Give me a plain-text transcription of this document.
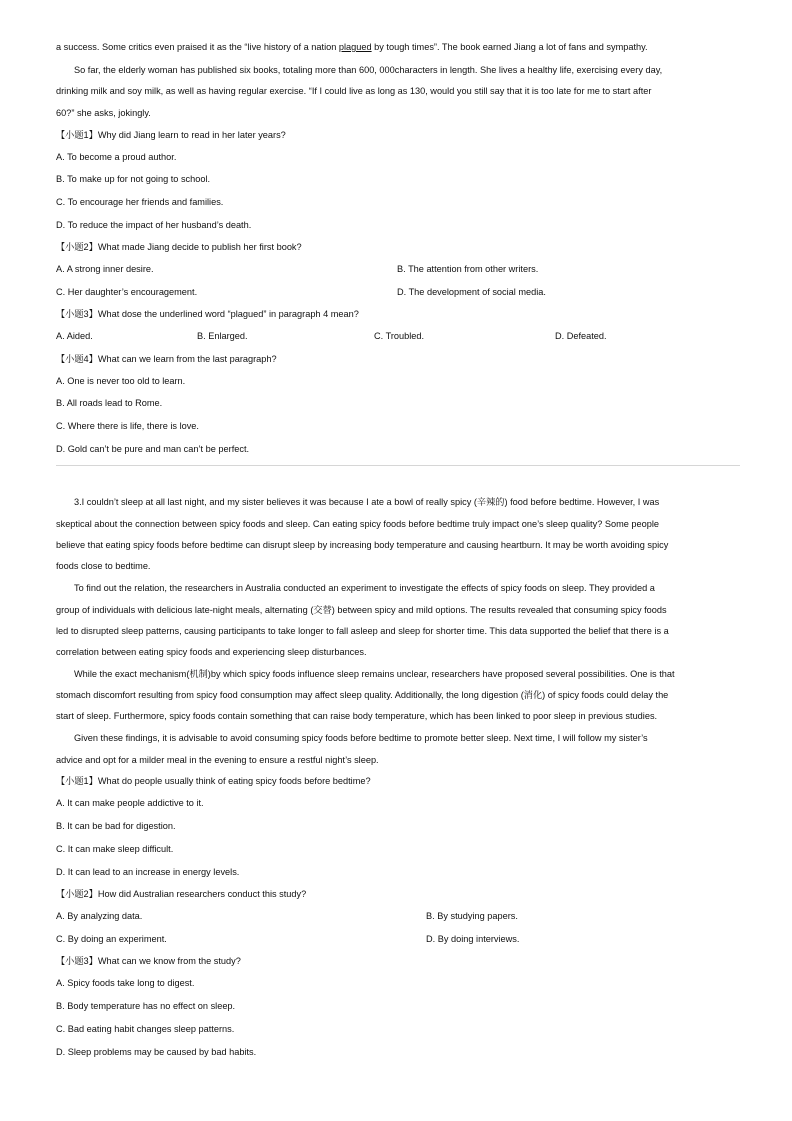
a success. Some critics even praised it as the “live history of a nation plagued by tough times”. The book earned Jiang a lot of fans and sympathy.
So far, the elderly woman has published six books, totaling more than 600, 000characters in length. She lives a healthy life, exercising every day,
drinking milk and soy milk, as well as having regular exercise. “If I could live as long as 130, would you still say that it is too late for me to start after
60?” she asks, jokingly.
【小题1】Why did Jiang learn to read in her later years?
A. To become a proud author.
B. To make up for not going to school.
C. To encourage her friends and families.
D. To reduce the impact of her husband’s death.
【小题2】What made Jiang decide to publish her first book?
A. A strong inner desire.	B. The attention from other writers.
C. Her daughter’s encouragement.	D. The development of social media.
【小题3】What dose the underlined word “plagued” in paragraph 4 mean?
A. Aided.	B. Enlarged.	C. Troubled.	D. Defeated.
【小题4】What can we learn from the last paragraph?
A. One is never too old to learn.
B. All roads lead to Rome.
C. Where there is life, there is love.
D. Gold can’t be pure and man can’t be perfect.
3.I couldn’t sleep at all last night, and my sister believes it was because I ate a bowl of really spicy (辛辣的) food before bedtime. However, I was
skeptical about the connection between spicy foods and sleep. Can eating spicy foods before bedtime truly impact one’s sleep quality? Some people
believe that eating spicy foods before bedtime can disrupt sleep by increasing body temperature and causing heartburn. It may be worth avoiding spicy
foods close to bedtime.
To find out the relation, the researchers in Australia conducted an experiment to investigate the effects of spicy foods on sleep. They provided a
group of individuals with delicious late-night meals, alternating (交替) between spicy and mild options. The results revealed that consuming spicy foods
led to disrupted sleep patterns, causing participants to take longer to fall asleep and sleep for shorter time. This data supported the belief that there is a
correlation between eating spicy foods and experiencing sleep disturbances.
While the exact mechanism(机制)by which spicy foods influence sleep remains unclear, researchers have proposed several possibilities. One is that
stomach discomfort resulting from spicy food consumption may affect sleep quality. Additionally, the long digestion (消化) of spicy foods could delay the
start of sleep. Furthermore, spicy foods contain something that can raise body temperature, which has been linked to poor sleep in previous studies.
Given these findings, it is advisable to avoid consuming spicy foods before bedtime to promote better sleep. Next time, I will follow my sister’s
advice and opt for a milder meal in the evening to ensure a restful night’s sleep.
【小题1】What do people usually think of eating spicy foods before bedtime?
A. It can make people addictive to it.
B. It can be bad for digestion.
C. It can make sleep difficult.
D. It can lead to an increase in energy levels.
【小题2】How did Australian researchers conduct this study?
A. By analyzing data.	B. By studying papers.
C. By doing an experiment.	D. By doing interviews.
【小题3】What can we know from the study?
A. Spicy foods take long to digest.
B. Body temperature has no effect on sleep.
C. Bad eating habit changes sleep patterns.
D. Sleep problems may be caused by bad habits.
